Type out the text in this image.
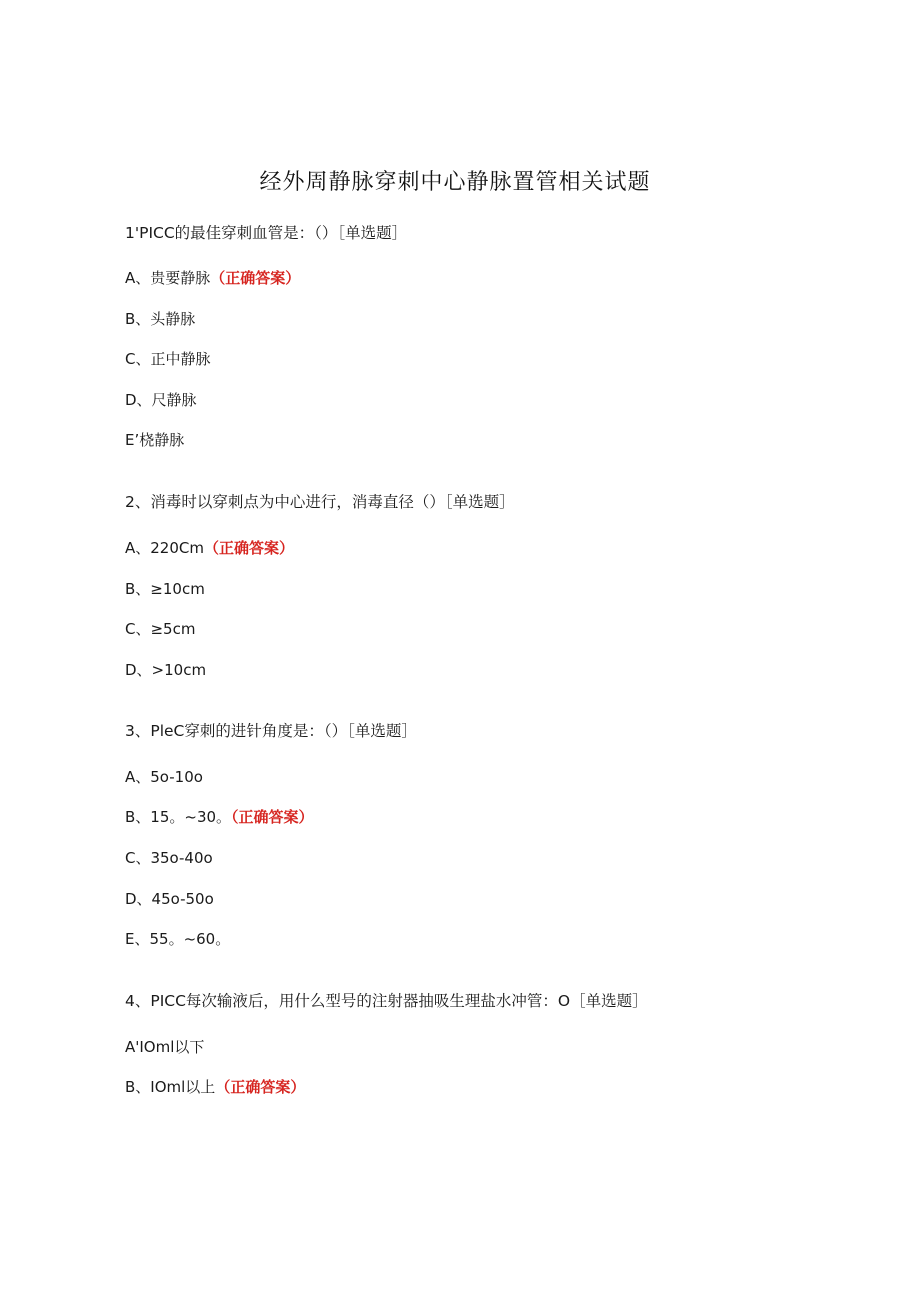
经外周静脉穿刺中心静脉置管相关试题
1'PICC的最佳穿刺血管是：（）［单选题］
A、贵要静脉（正确答案）
B、头静脉
C、正中静脉
D、尺静脉
E’桡静脉
2、消毒时以穿刺点为中心进行，消毒直径（）［单选题］
A、220Cm（正确答案）
B、≥10cm
C、≥5cm
D、>10cm
3、PleC穿刺的进针角度是：（）［单选题］
A、5o-10o
B、15。~30。（正确答案）
C、35o-40o
D、45o-50o
E、55。~60。
4、PICC每次输液后，用什么型号的注射器抽吸生理盐水冲管：O［单选题］
A'IOml以下
B、IOml以上（正确答案）
